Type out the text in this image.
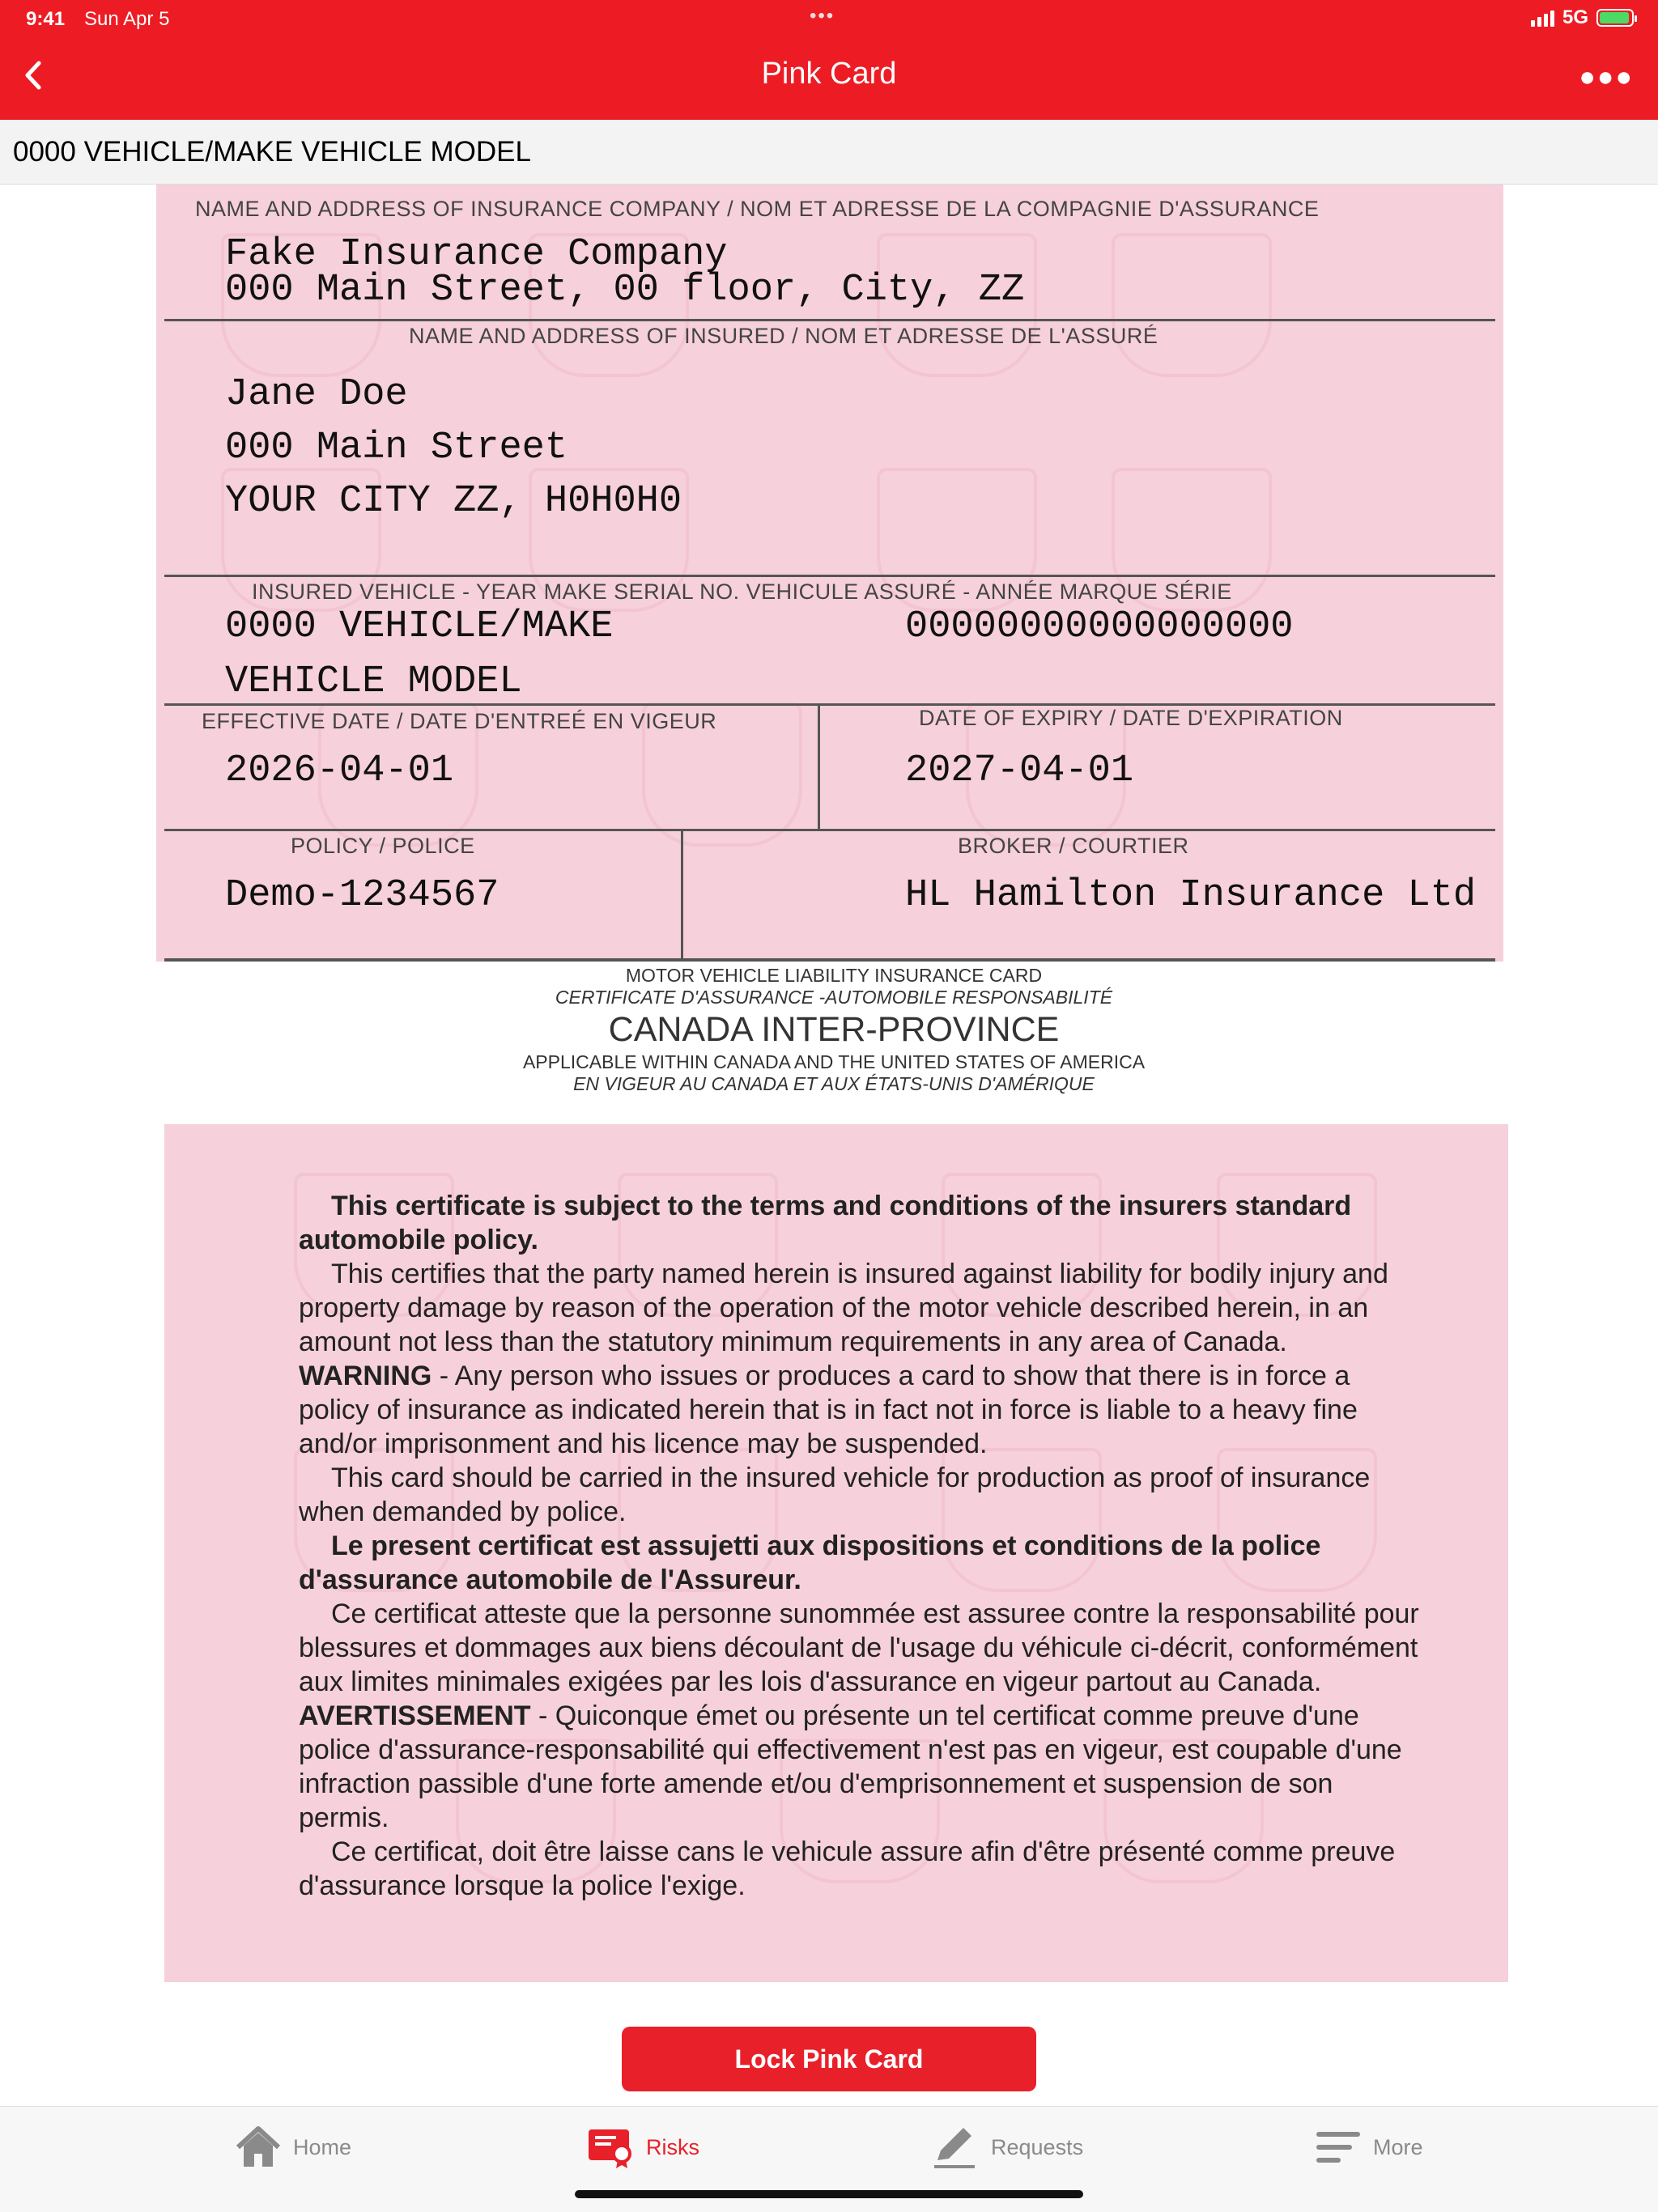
9:41 Sun Apr 5	•••	5G
Pink Card	●●●
0000 VEHICLE/MAKE VEHICLE MODEL
NAME AND ADDRESS OF INSURANCE COMPANY / NOM ET ADRESSE DE LA COMPAGNIE D'ASSURANCE
Fake Insurance Company
000 Main Street, 00 floor, City, ZZ
NAME AND ADDRESS OF INSURED / NOM ET ADRESSE DE L'ASSURÉ
Jane Doe
000 Main Street
YOUR CITY ZZ, H0H0H0
INSURED VEHICLE - YEAR MAKE SERIAL NO. VEHICULE ASSURÉ - ANNÉE MARQUE SÉRIE
0000 VEHICLE/MAKE	00000000000000000
VEHICLE MODEL
EFFECTIVE DATE / DATE D'ENTREÉ EN VIGEUR
2026-04-01
DATE OF EXPIRY / DATE D'EXPIRATION
2027-04-01
POLICY / POLICE
Demo-1234567
BROKER / COURTIER
HL Hamilton Insurance Ltd
MOTOR VEHICLE LIABILITY INSURANCE CARD
CERTIFICATE D'ASSURANCE -AUTOMOBILE RESPONSABILITÉ
CANADA INTER-PROVINCE
APPLICABLE WITHIN CANADA AND THE UNITED STATES OF AMERICA
EN VIGEUR AU CANADA ET AUX ÉTATS-UNIS D'AMÉRIQUE

This certificate is subject to the terms and conditions of the insurers standard automobile policy.

This certifies that the party named herein is insured against liability for bodily injury and property damage by reason of the operation of the motor vehicle described herein, in an amount not less than the statutory minimum requirements in any area of Canada.

WARNING - Any person who issues or produces a card to show that there is in force a policy of insurance as indicated herein that is in fact not in force is liable to a heavy fine and/or imprisonment and his licence may be suspended.

This card should be carried in the insured vehicle for production as proof of insurance when demanded by police.

Le present certificat est assujetti aux dispositions et conditions de la police d'assurance automobile de l'Assureur.

Ce certificat atteste que la personne sunommée est assuree contre la responsabilité pour blessures et dommages aux biens découlant de l'usage du véhicule ci-décrit, conformément aux limites minimales exigées par les lois d'assurance en vigeur partout au Canada.

AVERTISSEMENT - Quiconque émet ou présente un tel certificat comme preuve d'une police d'assurance-responsabilité qui effectivement n'est pas en vigeur, est coupable d'une infraction passible d'une forte amende et/ou d'emprisonnement et suspension de son permis.

Ce certificat, doit être laisse cans le vehicule assure afin d'être présenté comme preuve d'assurance lorsque la police l'exige.

Lock Pink Card
Home	Risks	Requests	More
